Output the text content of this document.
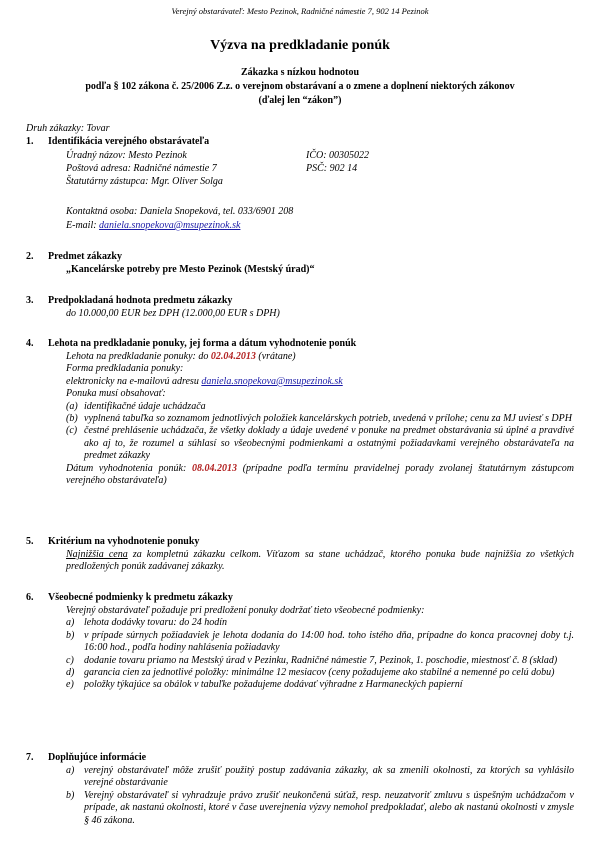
Verejný obstarávateľ: Mesto Pezinok, Radničné námestie 7, 902 14 Pezinok
Výzva na predkladanie ponúk
Zákazka s nízkou hodnotou
podľa § 102 zákona č. 25/2006 Z.z. o verejnom obstarávaní a o zmene a doplnení niektorých zákonov
(ďalej len “zákon”)
Druh zákazky: Tovar
1. Identifikácia verejného obstarávateľa
Úradný názov: Mesto Pezinok	IČO: 00305022
Poštová adresa: Radničné námestie 7	PSČ: 902 14
Štatutárny zástupca: Mgr. Oliver Solga
Kontaktná osoba: Daniela Snopeková, tel. 033/6901 208
E-mail: daniela.snopekova@msupezinok.sk
2. Predmet zákazky
„Kancelárske potreby pre Mesto Pezinok (Mestský úrad)“
3. Predpokladaná hodnota predmetu zákazky
do 10.000,00 EUR bez DPH (12.000,00 EUR s DPH)
4. Lehota na predkladanie ponuky, jej forma a dátum vyhodnotenie ponúk
Lehota na predkladanie ponuky: do 02.04.2013 (vrátane)
Forma predkladania ponuky:
elektronicky na e-mailovú adresu daniela.snopekova@msupezinok.sk
Ponuka musí obsahovať:
(a) identifikačné údaje uchádzača
(b) vyplnená tabuľka so zoznamom jednotlivých položiek kancelárskych potrieb, uvedená v prílohe; cenu za MJ uviesť s DPH
(c) čestné prehlásenie uchádzača, že všetky doklady a údaje uvedené v ponuke na predmet obstarávania sú úplné a pravdivé ako aj to, že rozumel a súhlasí so všeobecnými podmienkami a ostatnými požiadavkami verejného obstarávateľa na predmet zákazky
Dátum vyhodnotenia ponúk: 08.04.2013 (prípadne podľa termínu pravidelnej porady zvolanej štatutárnym zástupcom verejného obstarávateľa)
5. Kritérium na vyhodnotenie ponuky
Najnižšia cena za kompletnú zákazku celkom. Víťazom sa stane uchádzač, ktorého ponuka bude najnižšia zo všetkých predložených ponúk zadávanej zákazky.
6. Všeobecné podmienky k predmetu zákazky
Verejný obstarávateľ požaduje pri predložení ponuky dodržať tieto všeobecné podmienky:
a) lehota dodávky tovaru: do 24 hodín
b) v prípade súrnych požiadaviek je lehota dodania do 14:00 hod. toho istého dňa, prípadne do konca pracovnej doby t.j. 16:00 hod., podľa hodiny nahlásenia požiadavky
c) dodanie tovaru priamo na Mestský úrad v Pezinku, Radničné námestie 7, Pezinok, 1. poschodie, miestnosť č. 8 (sklad)
d) garancia cien za jednotlivé položky: minimálne 12 mesiacov (ceny požadujeme ako stabilné a nemenné po celú dobu)
e) položky týkajúce sa obálok v tabuľke požadujeme dodávať výhradne z Harmaneckých papierní
7. Doplňujúce informácie
a) verejný obstarávateľ môže zrušiť použitý postup zadávania zákazky, ak sa zmenili okolnosti, za ktorých sa vyhlásilo verejné obstarávanie
b) Verejný obstarávateľ si vyhradzuje právo zrušiť neukončenú súťaž, resp. neuzatvoriť zmluvu s úspešným uchádzačom v prípade, ak nastanú okolnosti, ktoré v čase uverejnenia výzvy nemohol predpokladať, alebo ak nastanú okolnosti v zmysle § 46 zákona.
